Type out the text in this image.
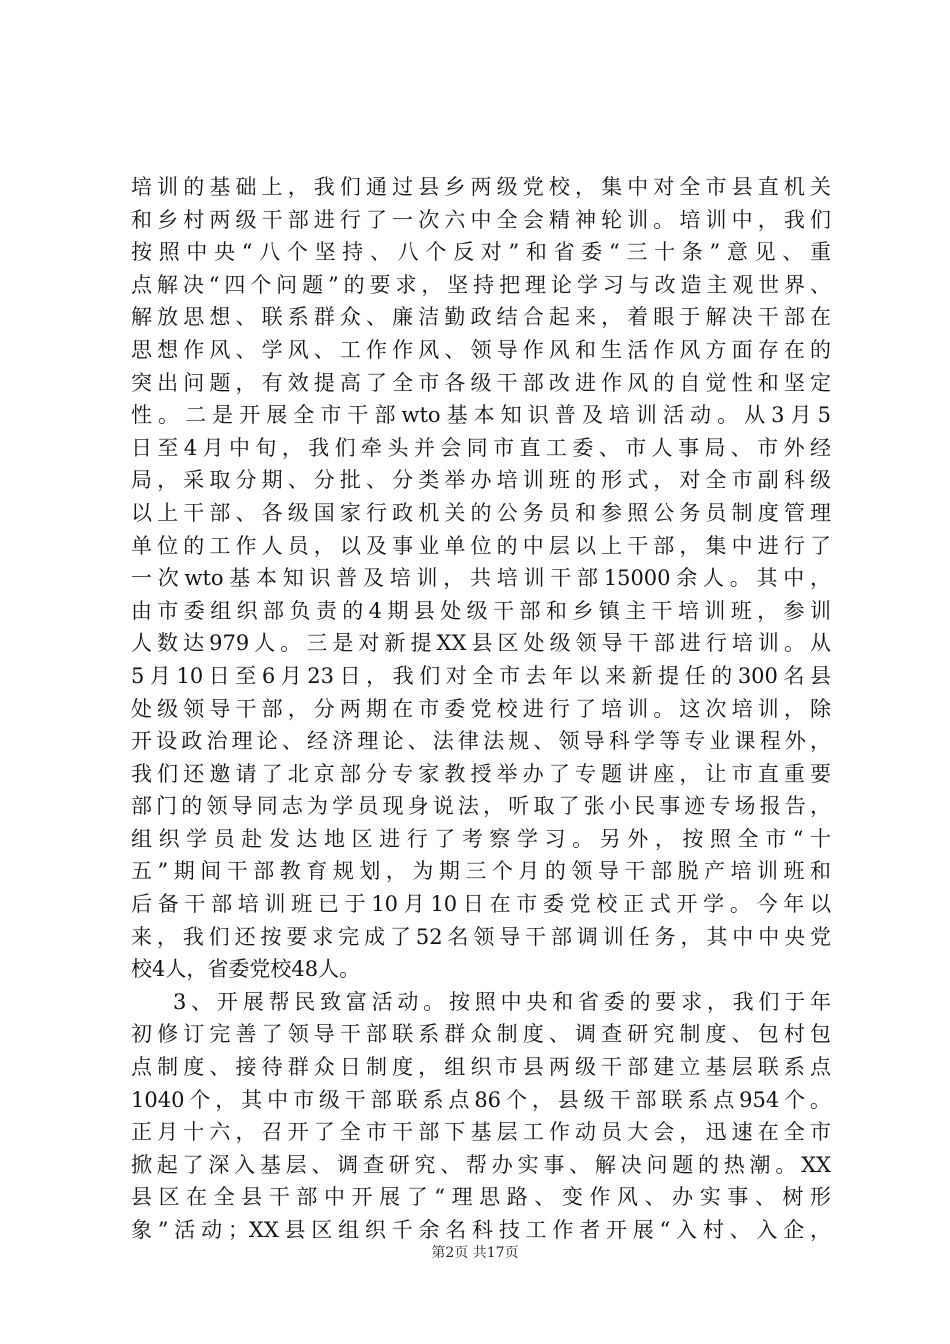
培训的基础上，我们通过县乡两级党校，集中对全市县直机关
和乡村两级干部进行了一次六中全会精神轮训。培训中，我们
按照中央“八个坚持、八个反对”和省委“三十条”意见、重
点解决“四个问题”的要求，坚持把理论学习与改造主观世界、
解放思想、联系群众、廉洁勤政结合起来，着眼于解决干部在
思想作风、学风、工作作风、领导作风和生活作风方面存在的
突出问题，有效提高了全市各级干部改进作风的自觉性和坚定
性。二是开展全市干部wto基本知识普及培训活动。从3月5
日至4月中旬，我们牵头并会同市直工委、市人事局、市外经
局，采取分期、分批、分类举办培训班的形式，对全市副科级
以上干部、各级国家行政机关的公务员和参照公务员制度管理
单位的工作人员，以及事业单位的中层以上干部，集中进行了
一次wto基本知识普及培训，共培训干部15000余人。其中，
由市委组织部负责的4期县处级干部和乡镇主干培训班，参训
人数达979人。三是对新提XX县区处级领导干部进行培训。从
5月10日至6月23日，我们对全市去年以来新提任的300名县
处级领导干部，分两期在市委党校进行了培训。这次培训，除
开设政治理论、经济理论、法律法规、领导科学等专业课程外，
我们还邀请了北京部分专家教授举办了专题讲座，让市直重要
部门的领导同志为学员现身说法，听取了张小民事迹专场报告，
组织学员赴发达地区进行了考察学习。另外，按照全市“十
五”期间干部教育规划，为期三个月的领导干部脱产培训班和
后备干部培训班已于10月10日在市委党校正式开学。今年以
来，我们还按要求完成了52名领导干部调训任务，其中中央党
校4人，省委党校48人。
3、开展帮民致富活动。按照中央和省委的要求，我们于年
初修订完善了领导干部联系群众制度、调查研究制度、包村包
点制度、接待群众日制度，组织市县两级干部建立基层联系点
1040个，其中市级干部联系点86个，县级干部联系点954个。
正月十六，召开了全市干部下基层工作动员大会，迅速在全市
掀起了深入基层、调查研究、帮办实事、解决问题的热潮。XX
县区在全县干部中开展了“理思路、变作风、办实事、树形
象”活动；XX县区组织千余名科技工作者开展“入村、入企，
第2页 共17页
